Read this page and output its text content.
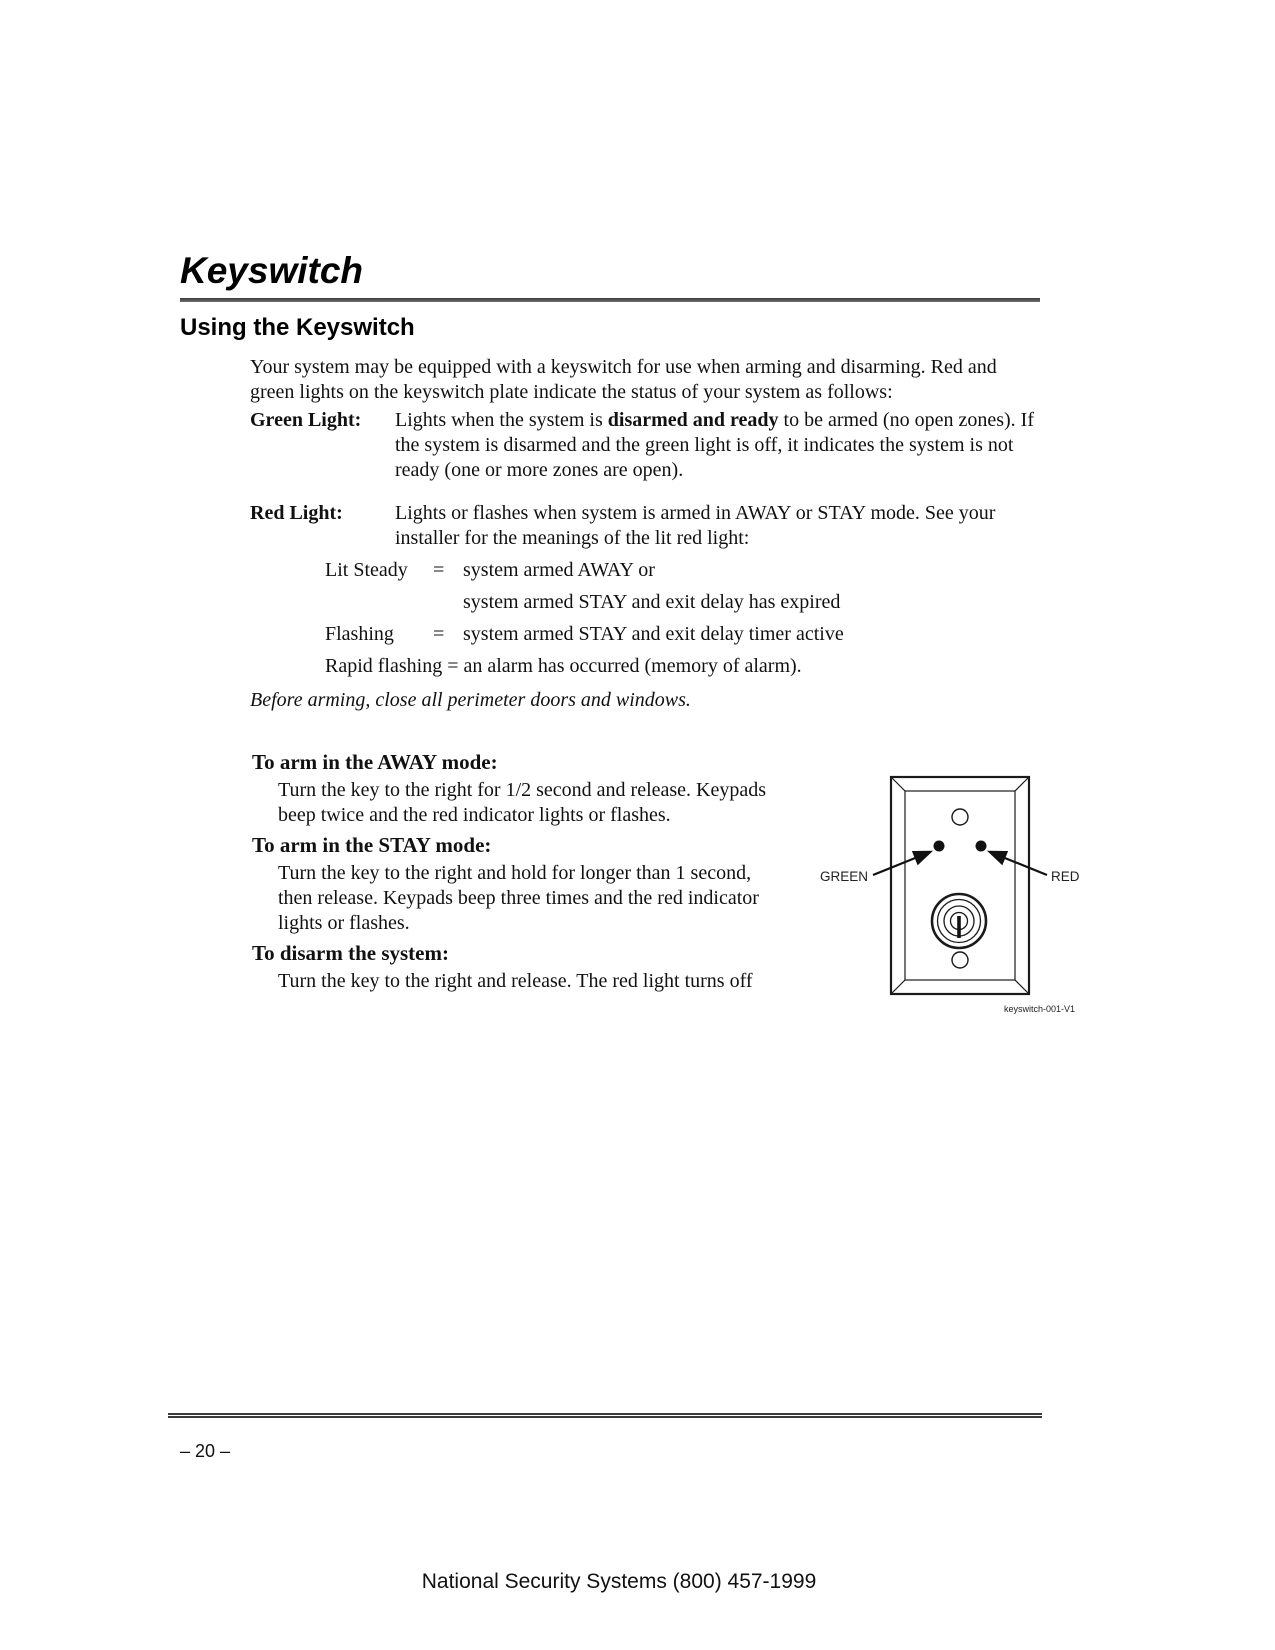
Keyswitch
Using the Keyswitch
Your system may be equipped with a keyswitch for use when arming and disarming. Red and green lights on the keyswitch plate indicate the status of your system as follows:
Green Light:	Lights when the system is disarmed and ready to be armed (no open zones). If the system is disarmed and the green light is off, it indicates the system is not ready (one or more zones are open).
Red Light:	Lights or flashes when system is armed in AWAY or STAY mode. See your installer for the meanings of the lit red light:
Lit Steady = system armed AWAY or
system armed STAY and exit delay has expired
Flashing = system armed STAY and exit delay timer active
Rapid flashing = an alarm has occurred (memory of alarm).
Before arming, close all perimeter doors and windows.
To arm in the AWAY mode:
Turn the key to the right for 1/2 second and release. Keypads beep twice and the red indicator lights or flashes.
To arm in the STAY mode:
Turn the key to the right and hold for longer than 1 second, then release. Keypads beep three times and the red indicator lights or flashes.
To disarm the system:
Turn the key to the right and release. The red light turns off
GREEN	RED
keyswitch-001-V1
– 20 –
National Security Systems (800) 457-1999
